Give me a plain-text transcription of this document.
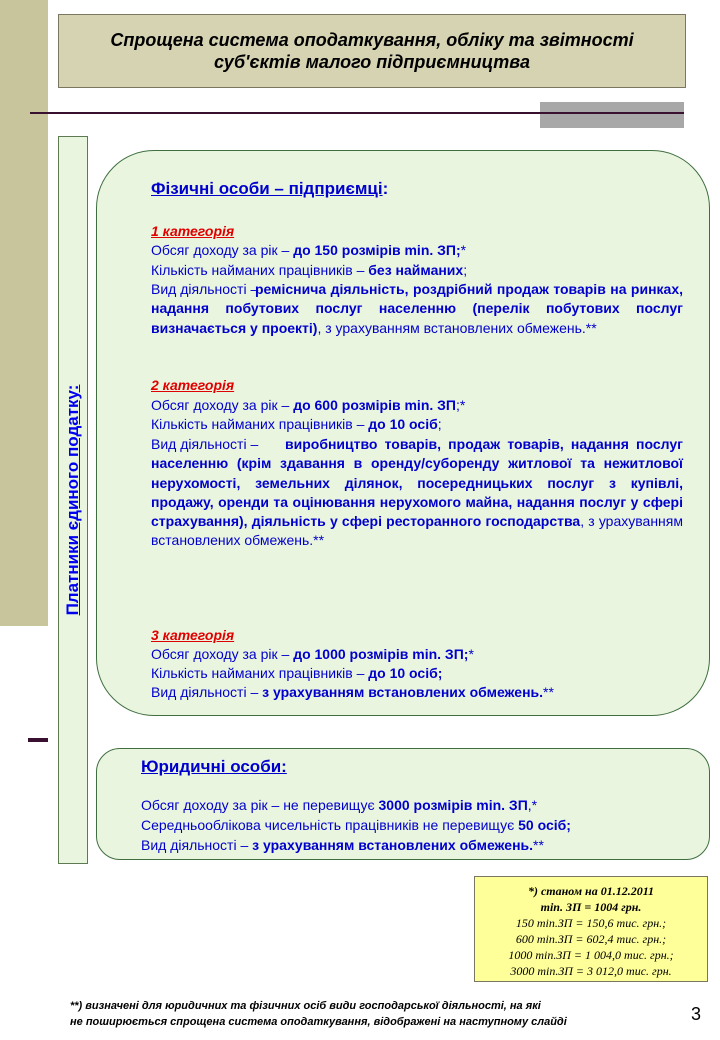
Спрощена система оподаткування, обліку та звітності
суб'єктів малого підприємництва
Платники єдиного податку:
Фізичні особи – підприємці:
1 категорія
Обсяг доходу за рік – до 150 розмірів min. ЗП;*
Кількість найманих працівників – без найманих;
Вид діяльності –
реміснича діяльність, роздрібний продаж товарів на ринках, надання побутових послуг населенню (перелік побутових послуг визначається у проекті), з урахуванням встановлених обмежень.**
2 категорія
Обсяг доходу за рік – до 600 розмірів min. ЗП;*
Кількість найманих працівників – до 10 осіб;
Вид діяльності –	виробництво товарів, продаж товарів, надання послуг населенню (крім здавання в оренду/суборенду житлової та нежитлової нерухомості, земельних ділянок, посередницьких послуг з купівлі, продажу, оренди та оцінювання нерухомого майна, надання послуг у сфері страхування), діяльність у сфері ресторанного господарства, з урахуванням встановлених обмежень.**
3 категорія
Обсяг доходу за рік – до 1000 розмірів min. ЗП;*
Кількість найманих працівників – до 10 осіб;
Вид діяльності – з урахуванням встановлених обмежень.**
Юридичні особи:
Обсяг доходу за рік – не перевищує 3000 розмірів min. ЗП,*
Середньооблікова чисельність працівників не перевищує 50 осіб;
Вид діяльності – з урахуванням встановлених обмежень.**
*) станом на 01.12.2011
min. ЗП = 1004 грн.
150 min.ЗП = 150,6 тис. грн.;
600 min.ЗП = 602,4 тис. грн.;
1000 min.ЗП = 1 004,0 тис. грн.;
3000 min.ЗП = 3 012,0 тис. грн.
**) визначені для юридичних та фізичних осіб види господарської діяльності, на які
не поширюється спрощена система оподаткування, відображені на наступному слайді	3
